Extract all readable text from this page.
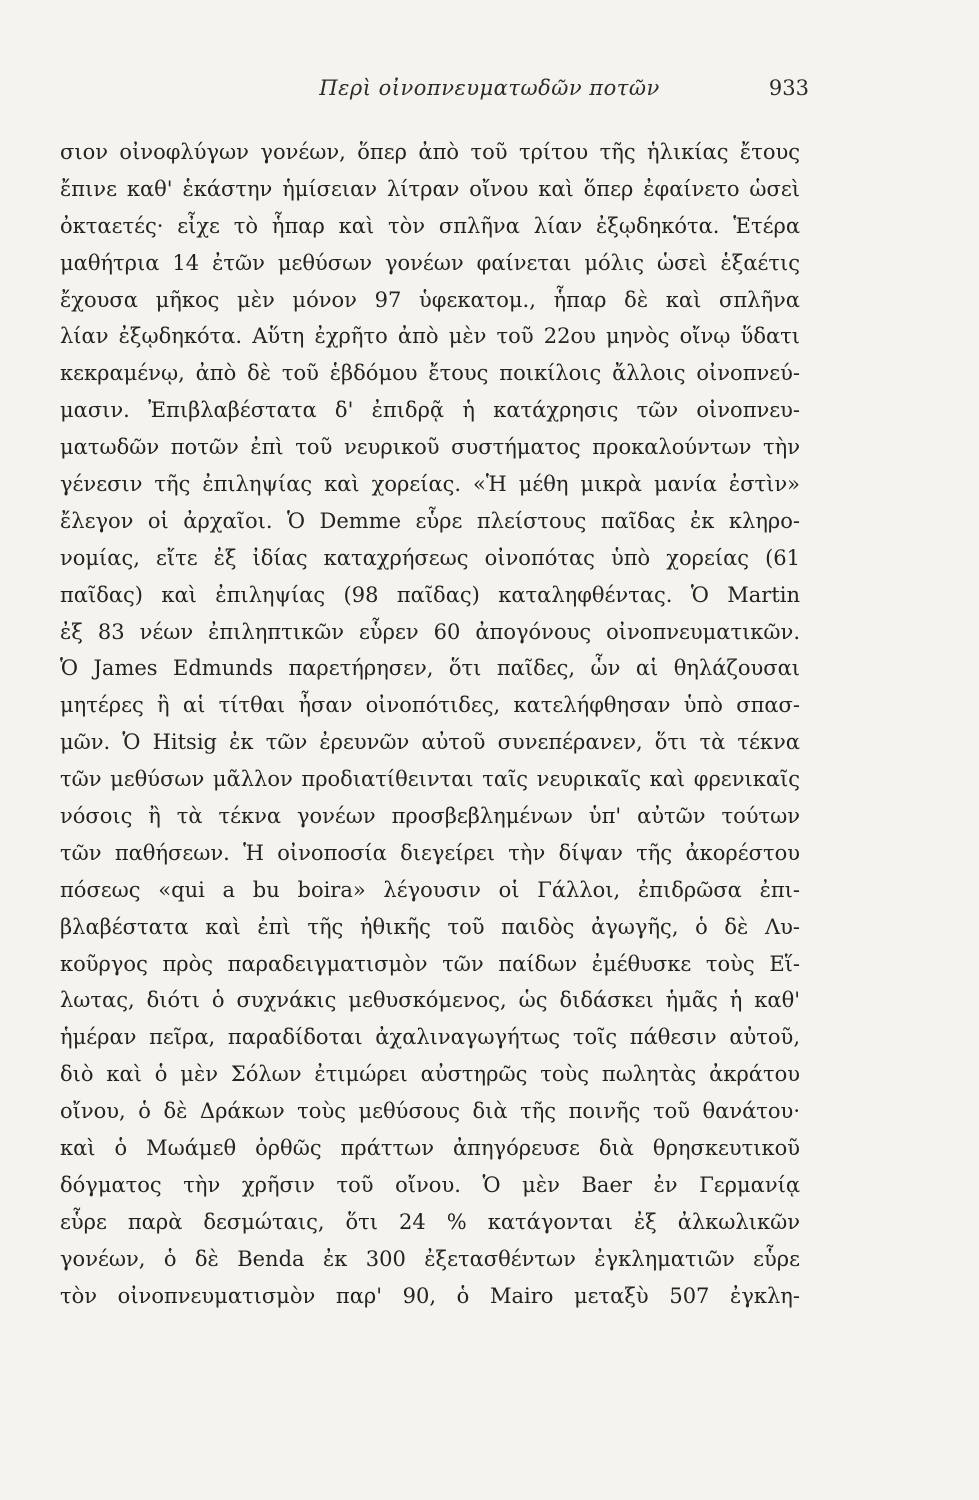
Περὶ οἰνοπνευματωδῶν ποτῶν	933
σιον οἰνοφλύγων γονέων, ὅπερ ἀπὸ τοῦ τρίτου τῆς ἡλικίας ἔτους
ἔπινε καθ' ἑκάστην ἡμίσειαν λίτραν οἴνου καὶ ὅπερ ἐφαίνετο ὡσεὶ
ὀκταετές· εἶχε τὸ ἧπαρ καὶ τὸν σπλῆνα λίαν ἐξῳδηκότα. Ἑτέρα
μαθήτρια 14 ἐτῶν μεθύσων γονέων φαίνεται μόλις ὡσεὶ ἑξαέτις
ἔχουσα μῆκος μὲν μόνον 97 ὑφεκατομ., ἧπαρ δὲ καὶ σπλῆνα
λίαν ἐξῳδηκότα. Αὕτη ἐχρῆτο ἀπὸ μὲν τοῦ 22ου μηνὸς οἴνῳ ὕδατι
κεκραμένῳ, ἀπὸ δὲ τοῦ ἑβδόμου ἔτους ποικίλοις ἄλλοις οἰνοπνεύ-
μασιν. Ἐπιβλαβέστατα δ' ἐπιδρᾷ ἡ κατάχρησις τῶν οἰνοπνευ-
ματωδῶν ποτῶν ἐπὶ τοῦ νευρικοῦ συστήματος προκαλούντων τὴν
γένεσιν τῆς ἐπιληψίας καὶ χορείας. «Ἡ μέθη μικρὰ μανία ἐστὶν»
ἔλεγον οἱ ἀρχαῖοι. Ὁ Demme εὗρε πλείστους παῖδας ἐκ κληρο-
νομίας, εἴτε ἐξ ἰδίας καταχρήσεως οἰνοπότας ὑπὸ χορείας (61
παῖδας) καὶ ἐπιληψίας (98 παῖδας) καταληφθέντας. Ὁ Martin
ἐξ 83 νέων ἐπιληπτικῶν εὗρεν 60 ἀπογόνους οἰνοπνευματικῶν.
Ὁ James Edmunds παρετήρησεν, ὅτι παῖδες, ὧν αἱ θηλάζουσαι
μητέρες ἢ αἱ τίτθαι ἦσαν οἰνοπότιδες, κατελήφθησαν ὑπὸ σπασ-
μῶν. Ὁ Hitsig ἐκ τῶν ἐρευνῶν αὐτοῦ συνεπέρανεν, ὅτι τὰ τέκνα
τῶν μεθύσων μᾶλλον προδιατίθεινται ταῖς νευρικαῖς καὶ φρενικαῖς
νόσοις ἢ τὰ τέκνα γονέων προσβεβλημένων ὑπ' αὐτῶν τούτων
τῶν παθήσεων. Ἡ οἰνοποσία διεγείρει τὴν δίψαν τῆς ἀκορέστου
πόσεως «qui a bu boira» λέγουσιν οἱ Γάλλοι, ἐπιδρῶσα ἐπι-
βλαβέστατα καὶ ἐπὶ τῆς ἠθικῆς τοῦ παιδὸς ἀγωγῆς, ὁ δὲ Λυ-
κοῦργος πρὸς παραδειγματισμὸν τῶν παίδων ἐμέθυσκε τοὺς Εἵ-
λωτας, διότι ὁ συχνάκις μεθυσκόμενος, ὡς διδάσκει ἡμᾶς ἡ καθ'
ἡμέραν πεῖρα, παραδίδοται ἀχαλιναγωγήτως τοῖς πάθεσιν αὐτοῦ,
διὸ καὶ ὁ μὲν Σόλων ἐτιμώρει αὐστηρῶς τοὺς πωλητὰς ἀκράτου
οἴνου, ὁ δὲ Δράκων τοὺς μεθύσους διὰ τῆς ποινῆς τοῦ θανάτου·
καὶ ὁ Μωάμεθ ὀρθῶς πράττων ἀπηγόρευσε διὰ θρησκευτικοῦ
δόγματος τὴν χρῆσιν τοῦ οἴνου. Ὁ μὲν Baer ἐν Γερμανίᾳ
εὗρε παρὰ δεσμώταις, ὅτι 24 % κατάγονται ἐξ ἀλκωλικῶν
γονέων, ὁ δὲ Benda ἐκ 300 ἐξετασθέντων ἐγκληματιῶν εὗρε
τὸν οἰνοπνευματισμὸν παρ' 90, ὁ Mairo μεταξὺ 507 ἐγκλη-
